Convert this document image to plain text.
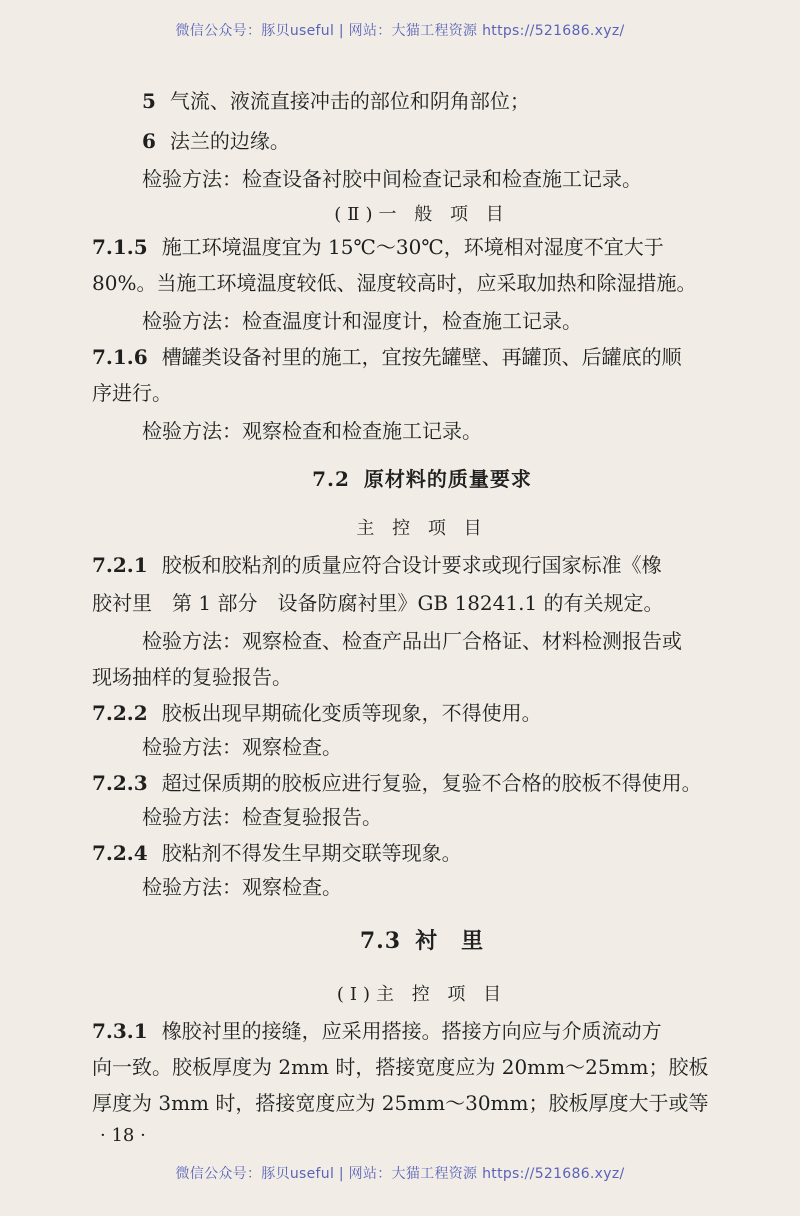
微信公众号：豚贝useful | 网站：大猫工程资源 https://521686.xyz/
5 气流、液流直接冲击的部位和阴角部位；
6 法兰的边缘。
检验方法：检查设备衬胶中间检查记录和检查施工记录。
(Ⅱ)一 般 项 目
7.1.5 施工环境温度宜为 15℃～30℃，环境相对湿度不宜大于
80%。当施工环境温度较低、湿度较高时，应采取加热和除湿措施。
检验方法：检查温度计和湿度计，检查施工记录。
7.1.6 槽罐类设备衬里的施工，宜按先罐壁、再罐顶、后罐底的顺
序进行。
检验方法：观察检查和检查施工记录。
7.2 原材料的质量要求
主 控 项 目
7.2.1 胶板和胶粘剂的质量应符合设计要求或现行国家标准《橡
胶衬里　第 1 部分　设备防腐衬里》GB 18241.1 的有关规定。
检验方法：观察检查、检查产品出厂合格证、材料检测报告或
现场抽样的复验报告。
7.2.2 胶板出现早期硫化变质等现象，不得使用。
检验方法：观察检查。
7.2.3 超过保质期的胶板应进行复验，复验不合格的胶板不得使用。
检验方法：检查复验报告。
7.2.4 胶粘剂不得发生早期交联等现象。
检验方法：观察检查。
7.3 衬　里
(Ⅰ)主 控 项 目
7.3.1 橡胶衬里的接缝，应采用搭接。搭接方向应与介质流动方
向一致。胶板厚度为 2mm 时，搭接宽度应为 20mm～25mm；胶板
厚度为 3mm 时，搭接宽度应为 25mm～30mm；胶板厚度大于或等
· 18 ·
微信公众号：豚贝useful | 网站：大猫工程资源 https://521686.xyz/
